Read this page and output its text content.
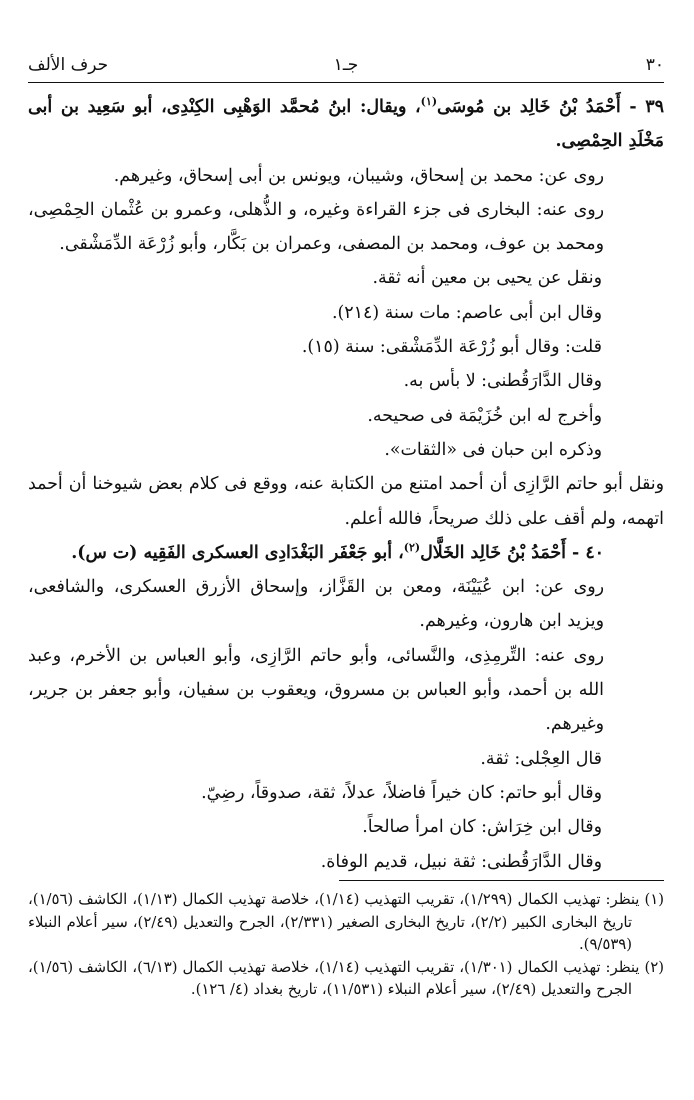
٣٠
جـ١
حرف الألف

٣٩ - أَحْمَدُ بْنُ خَالِد بن مُوسَى$^{(١)}$، ويقال: ابنُ مُحمَّد الوَهْبِى الكِنْدِى، أبو سَعِيد بن أبى مَخْلَدِ الحِمْصِى.

روى عن: محمد بن إسحاق، وشيبان، ويونس بن أبى إسحاق، وغيرهم.

روى عنه: البخارى فى جزء القراءة وغيره، و الذُّهلى، وعمرو بن عُثْمان الحِمْصِى، ومحمد بن عوف، ومحمد بن المصفى، وعمران بن بَكَّار، وأبو زُرْعَة الدِّمَشْقى.

ونقل عن يحيى بن معين أنه ثقة.

وقال ابن أبى عاصم: مات سنة (٢١٤).

قلت: وقال أبو زُرْعَة الدِّمَشْقى: سنة (١٥).

وقال الدَّارَقُطنى: لا بأس به.

وأخرج له ابن خُزَيْمَة فى صحيحه.

وذكره ابن حبان فى «الثقات».

ونقل أبو حاتم الرَّازِى أن أحمد امتنع من الكتابة عنه، ووقع فى كلام بعض شيوخنا أن أحمد اتهمه، ولم أقف على ذلك صريحاً، فالله أعلم.

٤٠ - أَحْمَدُ بْنُ خَالِد الخَلَّال$^{(٢)}$، أبو جَعْفَر البَغْدَادِى العسكرى الفَقِيه (ت س).

روى عن: ابن عُيَيْنَة، ومعن بن القَزَّاز، وإسحاق الأزرق العسكرى، والشافعى، ويزيد ابن هارون، وغيرهم.

روى عنه: التِّرمِذِى، والنَّسائى، وأبو حاتم الرَّازِى، وأبو العباس بن الأخرم، وعبد الله بن أحمد، وأبو العباس بن مسروق، ويعقوب بن سفيان، وأبو جعفر بن جرير، وغيرهم.

قال العِجْلى: ثقة.

وقال أبو حاتم: كان خيراً فاضلاً، عدلاً، ثقة، صدوقاً، رضِيّ.

وقال ابن خِرَاش: كان امرأ صالحاً.

وقال الدَّارَقُطنى: ثقة نبيل، قديم الوفاة.

(١) ينظر: تهذيب الكمال (١/٢٩٩)، تقريب التهذيب (١/١٤)، خلاصة تهذيب الكمال (١/١٣)، الكاشف (١/٥٦)، تاريخ البخارى الكبير (٢/٢)، تاريخ البخارى الصغير (٢/٣٣١)، الجرح والتعديل (٢/٤٩)، سير أعلام النبلاء (٩/٥٣٩).

(٢) ينظر: تهذيب الكمال (١/٣٠١)، تقريب التهذيب (١/١٤)، خلاصة تهذيب الكمال (٦/١٣)، الكاشف (١/٥٦)، الجرح والتعديل (٢/٤٩)، سير أعلام النبلاء (١١/٥٣١)، تاريخ بغداد (٤/ ١٢٦).
